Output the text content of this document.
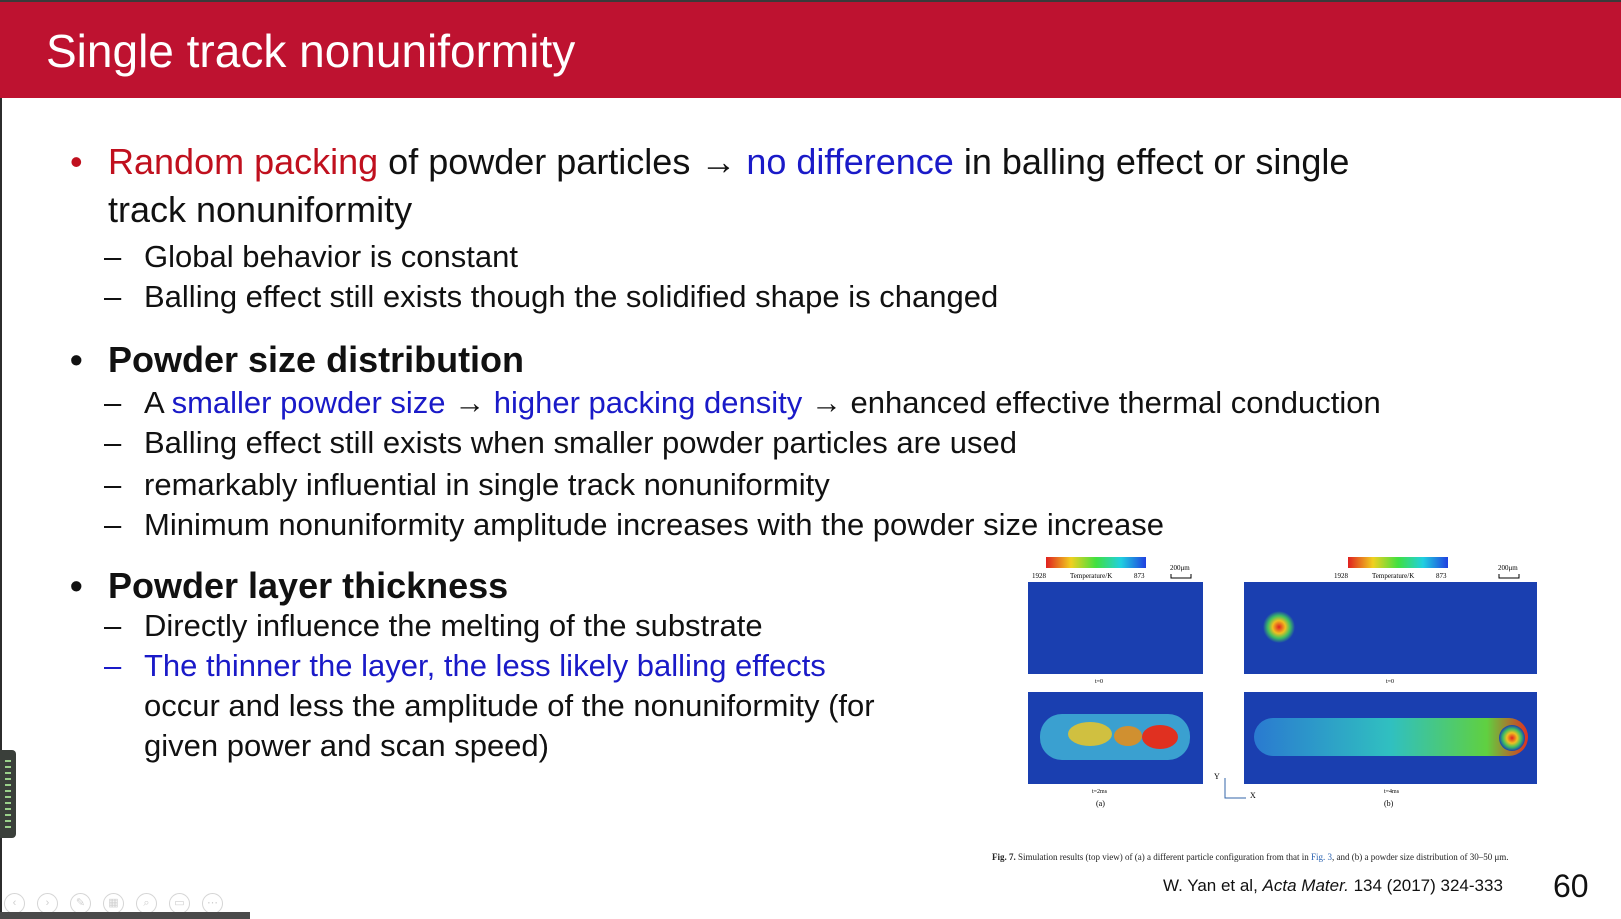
Single track nonuniformity
• Random packing of powder particles → no difference in balling effect or single
track nonuniformity
– Global behavior is constant
– Balling effect still exists though the solidified shape is changed
• Powder size distribution
– A smaller powder size → higher packing density → enhanced effective thermal conduction
– Balling effect still exists when smaller powder particles are used
– remarkably influential in single track nonuniformity
– Minimum nonuniformity amplitude increases with the powder size increase
• Powder layer thickness
– Directly influence the melting of the substrate
– The thinner the layer, the less likely balling effects
occur and less the amplitude of the nonuniformity (for
given power and scan speed)
1928	Temperature/K	873
200μm
1928	Temperature/K	873
200μm
t=0	t=0
t=2ms
(a)
t=4ms
(b)
Y
X
Fig. 7. Simulation results (top view) of (a) a different particle configuration from that in Fig. 3, and (b) a powder size distribution of 30–50 μm.
W. Yan et al, Acta Mater. 134 (2017) 324-333 60
‹	› ✎ ▦ ⌕ ▭ ⋯
